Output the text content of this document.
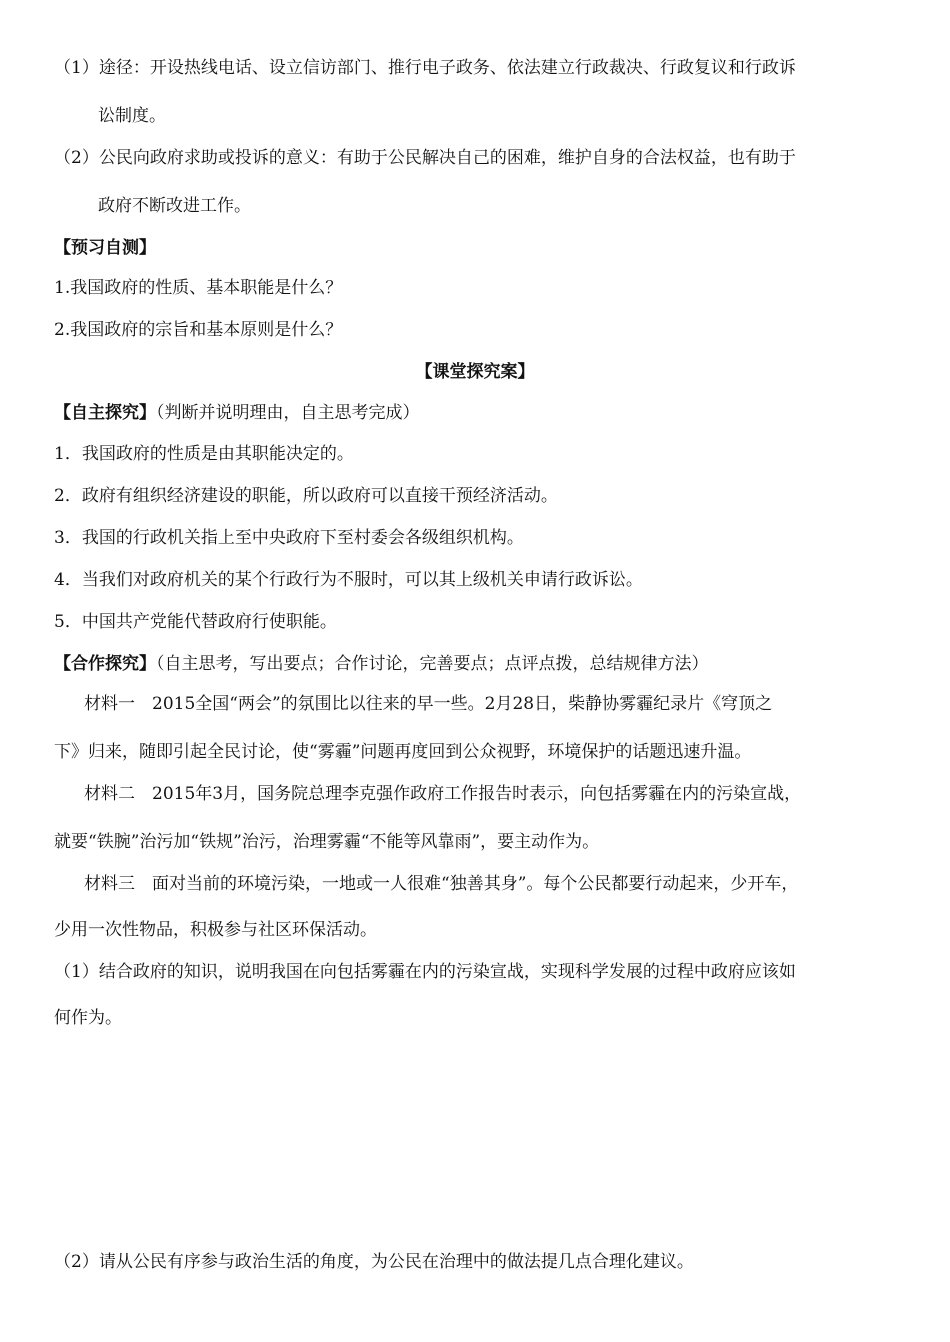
（1）途径：开设热线电话、设立信访部门、推行电子政务、依法建立行政裁决、行政复议和行政诉
讼制度。
（2）公民向政府求助或投诉的意义：有助于公民解决自己的困难，维护自身的合法权益，也有助于
政府不断改进工作。
【预习自测】
1.我国政府的性质、基本职能是什么？
2.我国政府的宗旨和基本原则是什么？
【课堂探究案】
【自主探究】（判断并说明理由，自主思考完成）
1．我国政府的性质是由其职能决定的。
2．政府有组织经济建设的职能，所以政府可以直接干预经济活动。
3．我国的行政机关指上至中央政府下至村委会各级组织机构。
4．当我们对政府机关的某个行政行为不服时，可以其上级机关申请行政诉讼。
5．中国共产党能代替政府行使职能。
【合作探究】（自主思考，写出要点；合作讨论，完善要点；点评点拨，总结规律方法）
材料一　2015全国“两会”的氛围比以往来的早一些。2月28日，柴静协雾霾纪录片《穹顶之
下》归来，随即引起全民讨论，使“雾霾”问题再度回到公众视野，环境保护的话题迅速升温。
材料二　2015年3月，国务院总理李克强作政府工作报告时表示，向包括雾霾在内的污染宣战，
就要“铁腕”治污加“铁规”治污，治理雾霾“不能等风靠雨”，要主动作为。
材料三　面对当前的环境污染，一地或一人很难“独善其身”。每个公民都要行动起来，少开车，
少用一次性物品，积极参与社区环保活动。
（1）结合政府的知识，说明我国在向包括雾霾在内的污染宣战，实现科学发展的过程中政府应该如
何作为。
（2）请从公民有序参与政治生活的角度，为公民在治理中的做法提几点合理化建议。
